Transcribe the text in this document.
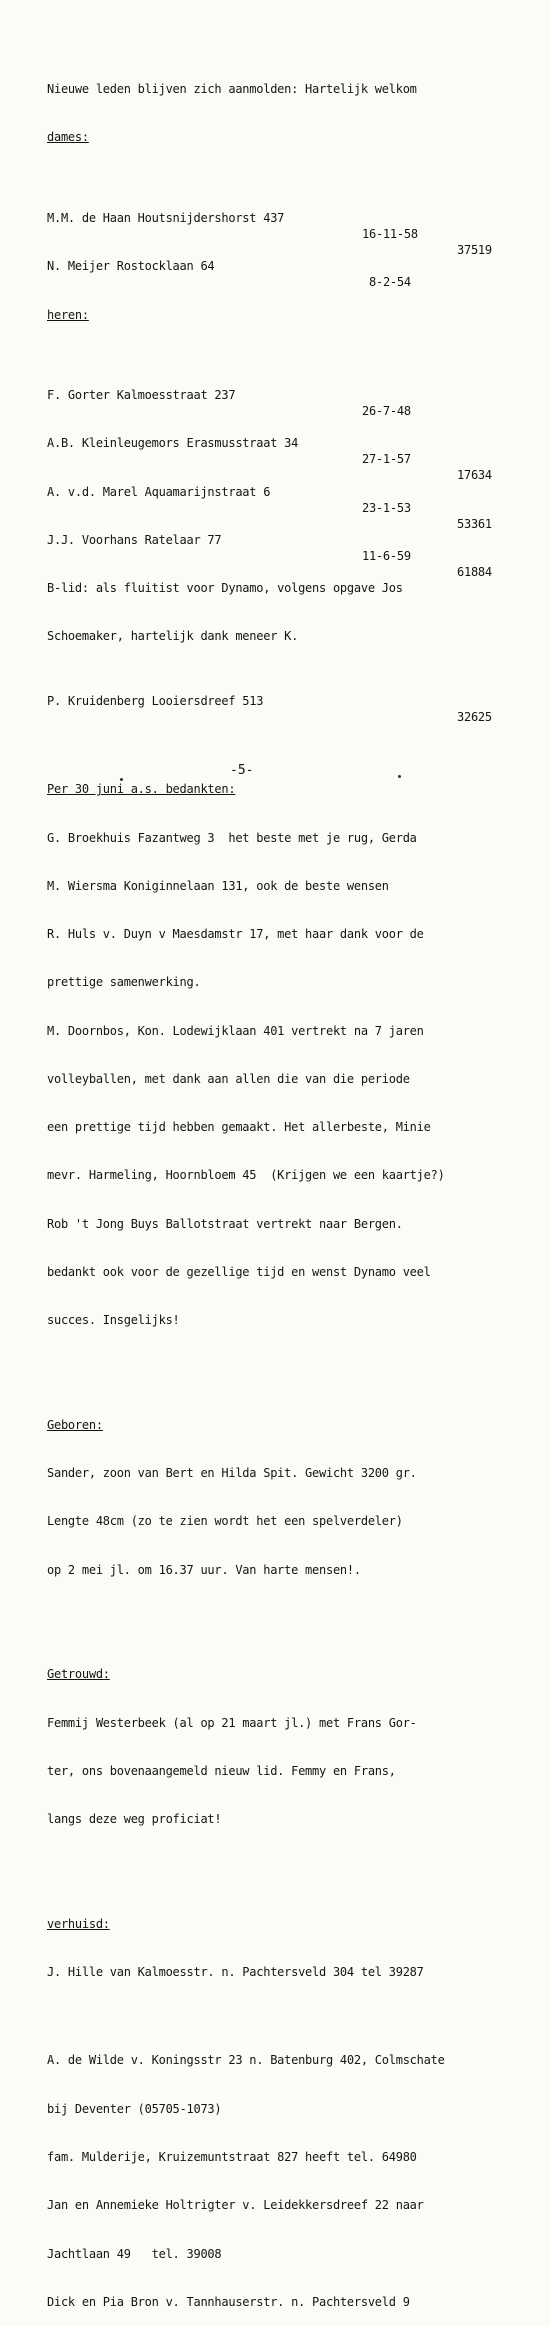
Nieuwe leden blijven zich aanmolden: Hartelijk welkom

dames:

M.M. de Haan Houtsnijdershorst 437

16-11-58

37519

N. Meijer Rostocklaan 64

8-2-54

heren:

F. Gorter Kalmoesstraat 237

26-7-48

A.B. Kleinleugemors Erasmusstraat 34

27-1-57

17634

A. v.d. Marel Aquamarijnstraat 6

23-1-53

53361

J.J. Voorhans Ratelaar 77

11-6-59

61884

B-lid: als fluitist voor Dynamo, volgens opgave Jos

Schoemaker, hartelijk dank meneer K.

P. Kruidenberg Looiersdreef 513

32625

Per 30 juni a.s. bedankten:

G. Broekhuis Fazantweg 3  het beste met je rug, Gerda

M. Wiersma Koniginnelaan 131, ook de beste wensen

R. Huls v. Duyn v Maesdamstr 17, met haar dank voor de

prettige samenwerking.

M. Doornbos, Kon. Lodewijklaan 401 vertrekt na 7 jaren

volleyballen, met dank aan allen die van die periode

een prettige tijd hebben gemaakt. Het allerbeste, Minie

mevr. Harmeling, Hoornbloem 45  (Krijgen we een kaartje?)

Rob 't Jong Buys Ballotstraat vertrekt naar Bergen.

bedankt ook voor de gezellige tijd en wenst Dynamo veel

succes. Insgelijks!

Geboren:

Sander, zoon van Bert en Hilda Spit. Gewicht 3200 gr.

Lengte 48cm (zo te zien wordt het een spelverdeler)

op 2 mei jl. om 16.37 uur. Van harte mensen!.

Getrouwd:

Femmij Westerbeek (al op 21 maart jl.) met Frans Gor-

ter, ons bovenaangemeld nieuw lid. Femmy en Frans,

langs deze weg proficiat!

verhuisd:

J. Hille van Kalmoesstr. n. Pachtersveld 304 tel 39287

A. de Wilde v. Koningsstr 23 n. Batenburg 402, Colmschate

bij Deventer (05705-1073)

fam. Mulderije, Kruizemuntstraat 827 heeft tel. 64980

Jan en Annemieke Holtrigter v. Leidekkersdreef 22 naar

Jachtlaan 49   tel. 39008

Dick en Pia Bron v. Tannhauserstr. n. Pachtersveld 9

-5-
